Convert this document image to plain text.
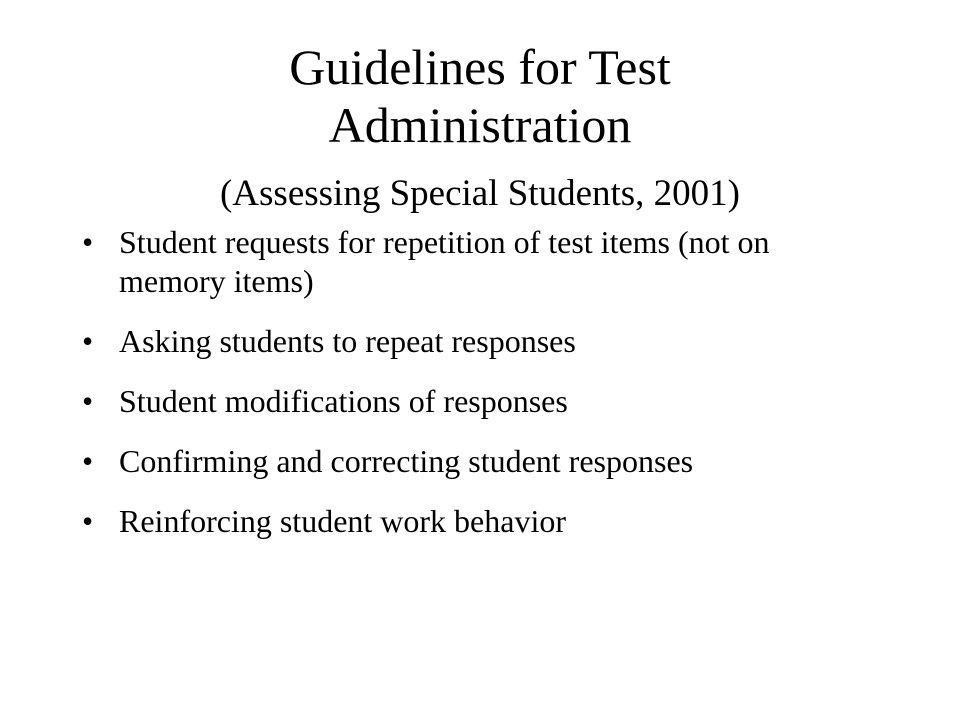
Guidelines for Test
Administration
(Assessing Special Students, 2001)
• Student requests for repetition of test items (not on memory items)
• Asking students to repeat responses
• Student modifications of responses
• Confirming and correcting student responses
• Reinforcing student work behavior
